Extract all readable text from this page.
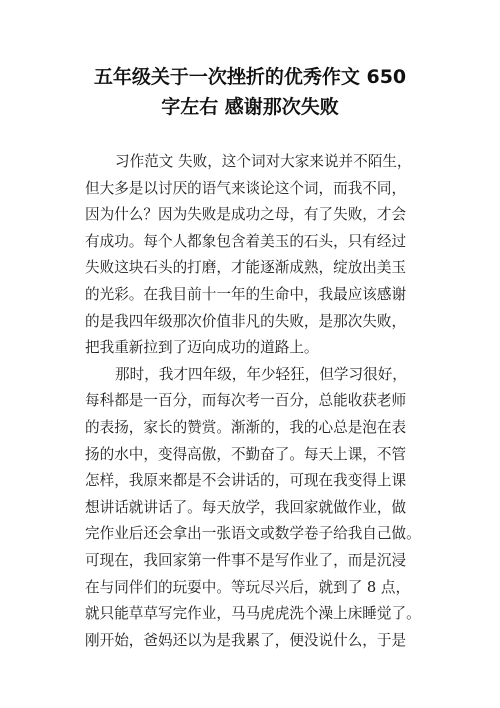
五年级关于一次挫折的优秀作文 650
字左右 感谢那次失败
习作范文 失败，这个词对大家来说并不陌生，
但大多是以讨厌的语气来谈论这个词，而我不同，
因为什么？因为失败是成功之母，有了失败，才会
有成功。每个人都象包含着美玉的石头，只有经过
失败这块石头的打磨，才能逐渐成熟，绽放出美玉
的光彩。在我目前十一年的生命中，我最应该感谢
的是我四年级那次价值非凡的失败，是那次失败，
把我重新拉到了迈向成功的道路上。
那时，我才四年级，年少轻狂，但学习很好，
每科都是一百分，而每次考一百分，总能收获老师
的表扬，家长的赞赏。渐渐的，我的心总是泡在表
扬的水中，变得高傲，不勤奋了。每天上课，不管
怎样，我原来都是不会讲话的，可现在我变得上课
想讲话就讲话了。每天放学，我回家就做作业，做
完作业后还会拿出一张语文或数学卷子给我自己做。
可现在，我回家第一件事不是写作业了，而是沉浸
在与同伴们的玩耍中。等玩尽兴后，就到了 8 点，
就只能草草写完作业，马马虎虎洗个澡上床睡觉了。
刚开始，爸妈还以为是我累了，便没说什么，于是
